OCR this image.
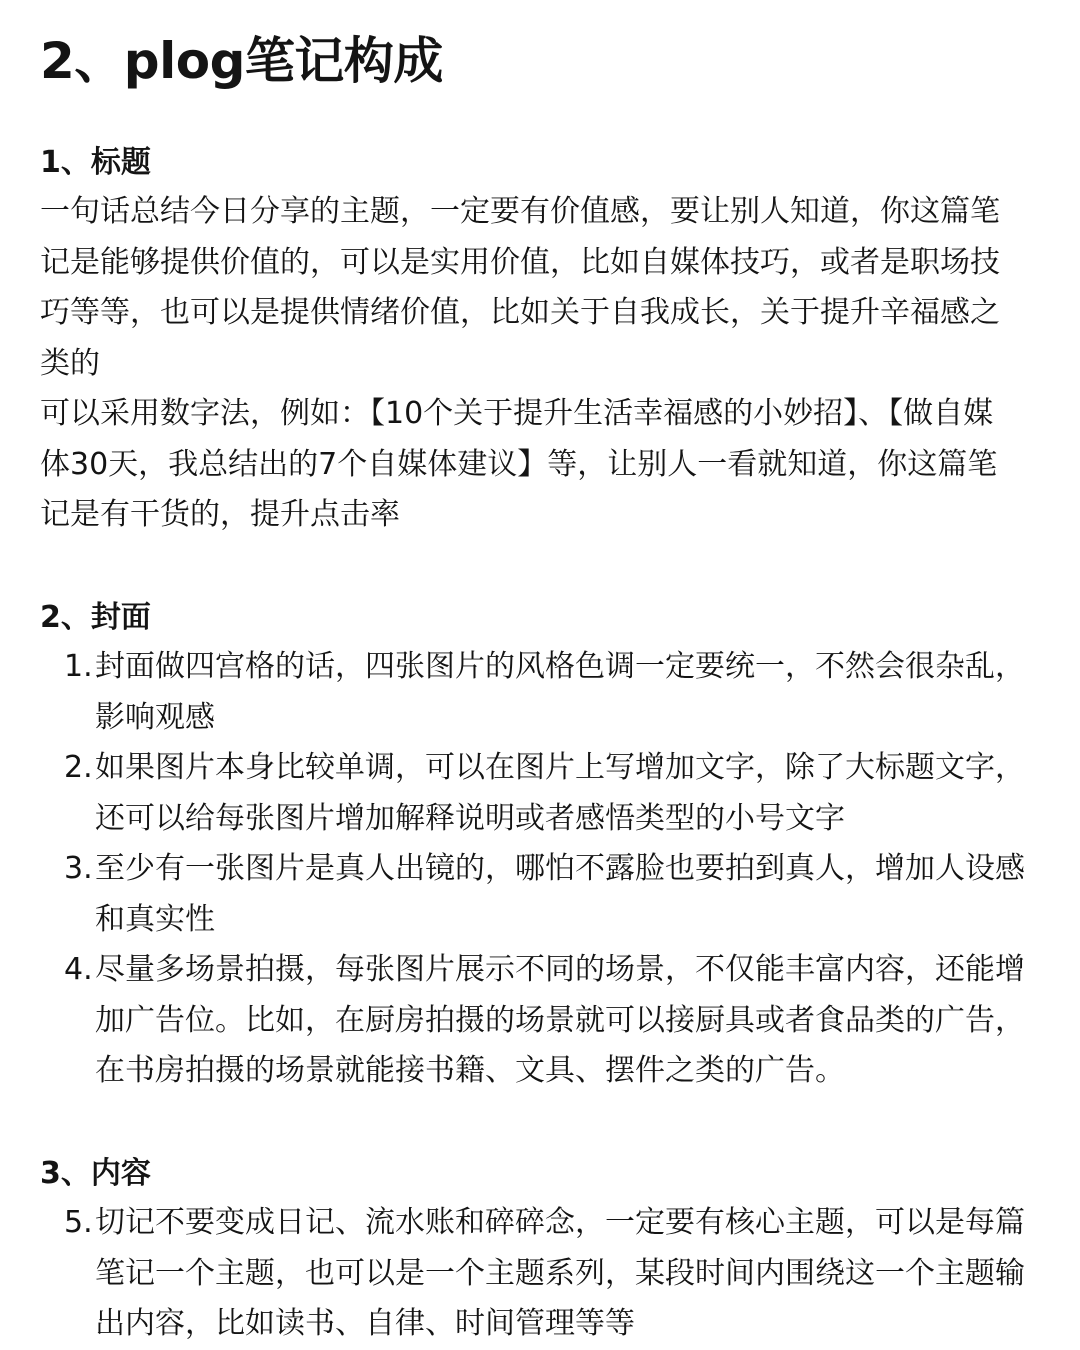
2、plog笔记构成
1、标题

一句话总结今日分享的主题，一定要有价值感，要让别人知道，你这篇笔记是能够提供价值的，可以是实用价值，比如自媒体技巧，或者是职场技巧等等，也可以是提供情绪价值，比如关于自我成长，关于提升辛福感之类的

可以采用数字法，例如：【10个关于提升生活幸福感的小妙招】、【做自媒体30天，我总结出的7个自媒体建议】等，让别人一看就知道，你这篇笔记是有干货的，提升点击率

2、封面
1. 封面做四宫格的话，四张图片的风格色调一定要统一，不然会很杂乱，影响观感
2. 如果图片本身比较单调，可以在图片上写增加文字，除了大标题文字，还可以给每张图片增加解释说明或者感悟类型的小号文字
3. 至少有一张图片是真人出镜的，哪怕不露脸也要拍到真人，增加人设感和真实性
4. 尽量多场景拍摄，每张图片展示不同的场景，不仅能丰富内容，还能增加广告位。比如，在厨房拍摄的场景就可以接厨具或者食品类的广告，在书房拍摄的场景就能接书籍、文具、摆件之类的广告。
3、内容
5. 切记不要变成日记、流水账和碎碎念，一定要有核心主题，可以是每篇笔记一个主题，也可以是一个主题系列，某段时间内围绕这一个主题输出内容，比如读书、自律、时间管理等等
